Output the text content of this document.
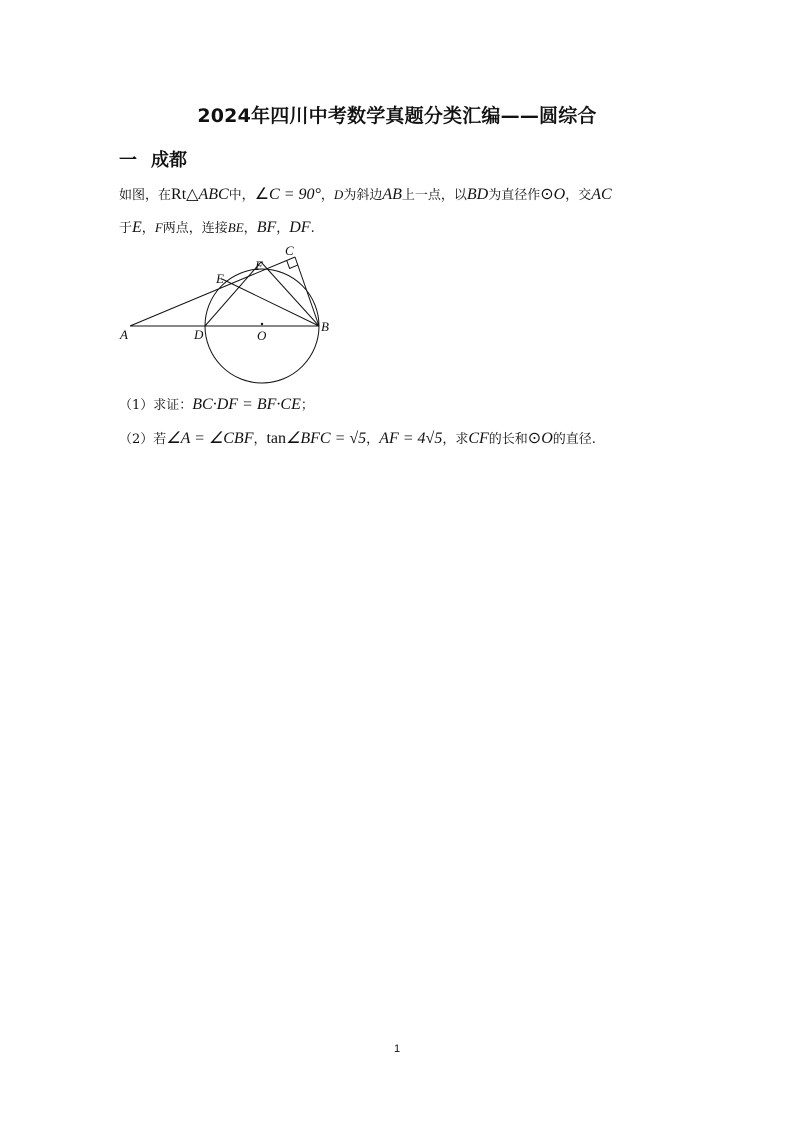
2024年四川中考数学真题分类汇编——圆综合
一 成都
如图，在Rt△ABC中，∠C = 90°，D为斜边AB上一点，以BD为直径作⊙O，交AC
于E，F两点，连接BE，BF，DF.
A
B
C
D
E
F
O
（1）求证：BC·DF = BF·CE；
（2）若∠A = ∠CBF，tan∠BFC = √5，AF = 4√5，求CF的长和⊙O的直径.
1
